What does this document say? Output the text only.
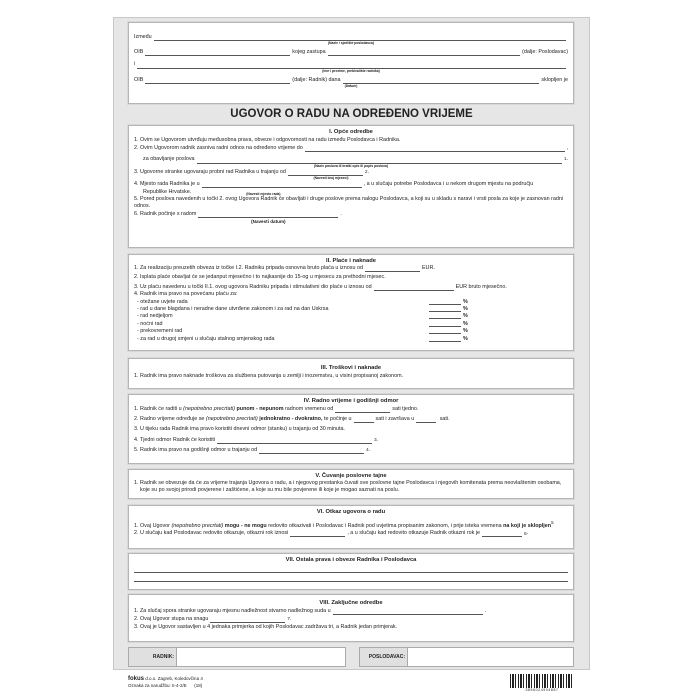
Između
(Naziv i sjedište poslodavca)
OIB	kojeg zastupa	(dalje: Poslodavac)
i
(Ime i prezime, prebivalište radnika)
OIB	(dalje: Radnik) dana	sklopljen je
(Datum)
UGOVOR O RADU NA ODREĐENO VRIJEME
I. Opće odredbe
1. Ovim se Ugovorom utvrđuju međusobna prava, obveze i odgovornosti na radu između Poslodavca i Radnika.
2. Ovim Ugovorom radnik zasniva radni odnos na određeno vrijeme do	,
za obavljanje poslova	$^1$ .
(Naziv poslova ili kratki opis ili popis poslova)
3. Ugovorne stranke ugovaraju probni rad Radnika u trajanju od	$^2$ .
(Navesti broj mjeseci)
4. Mjesto rada Radnika je u	, a u slučaju potrebe Poslodavca i u nekom drugom mjestu na području
Republike Hrvatske.	(Navesti mjesto rada)
5. Pored poslova navedenih u točki 2. ovog Ugovora Radnik će obavljati i druge poslove prema nalogu Poslodavca, a koji su u skladu s naravi i vrsti posla za koje je zasnovan radni odnos.
6. Radnik počinje s radom
(Navesti datum)
.
II. Plaće i naknade
1. Za realizaciju preuzetih obveza iz točke I.2. Radniku pripada osnovna bruto plaća u iznosu od	EUR.
2. Isplata plaće obavljat će se jedanput mjesečno i to najkasnije do 15-og u mjesecu za prethodni mjesec.
3. Uz plaću navedenu u točki II.1. ovog ugovora Radniku pripada i stimulativni dio plaće u iznosu od	EUR bruto mjesečno.
4. Radnik ima pravo na povećanu plaću za:
- otežane uvjete rada	%
- rad u dane blagdana i neradne dane utvrđene zakonom i za rad na dan Uskrsa	%
- rad nedjeljom	%
- noćni rad	%
- prekovremeni rad	%
- za rad u drugoj smjeni u slučaju stalnog smjenskog rada	%
III. Troškovi i naknade
1. Radnik ima pravo naknade troškova za službena putovanja u zemlji i inozemstvu, u visini propisanoj zakonom.
IV. Radno vrijeme i godišnji odmor
1. Radnik će raditi u
(nepotrebno precrtati)
punom - nepunom
radnom vremenu od	sati tjedno.
2. Radno vrijeme određuje se
(nepotrebno precrtati)
jednokratno - dvokratno,
te počinje u	sati i završava u
	sati.
3. U tijeku rada Radnik ima pravo koristiti dnevni odmor (stanku) u trajanju od 30 minuta.
4. Tjedni odmor Radnik će koristiti	$^3$ .
5. Radnik ima pravo na godišnji odmor u trajanju od	$^4$ .
V. Čuvanje poslovne tajne
1. Radnik se obvezuje da će za vrijeme trajanja Ugovora o radu, a i njegovog prestanka čuvati sve poslovne tajne Poslodavca i njegovih komitenata prema neovlaštenim osobama, koje su po svojoj prirodi povjerene i zaštićene, a koje su mu bile povjerene ili koje je mogao saznati na poslu.
VI. Otkaz ugovora o radu
1. Ovaj Ugovor (nepotrebno precrtati) mogu - ne mogu redovito otkazivati i Poslodavac i Radnik pod uvjetima propisanim zakonom, i prije isteka vremena na koji je sklopljen$^5$
2. U slučaju kad Poslodavac redovito otkazuje, otkazni rok iznosi	, a u slučaju kad redovito otkazuje Radnik otkazni rok je	6 .
VII. Ostala prava i obveze Radnika i Poslodavca
VIII. Zaključne odredbe
1. Za slučaj spora stranke ugovaraju mjesnu nadležnost stvarno nadležnog suda u	.
2. Ovaj Ugovor stupa na snagu	$^7$ .
3. Ovaj je Ugovor sastavljen u 4 jednaka primjerka od kojih Poslodavac zadržava tri, a Radnik jedan primjerak.
RADNIK:	POSLODAVAC:
fokus d.o.o. Zagreb, Koledovčina 4
Oznaka za narudžbu: II-4-2/E (18)
3856024904887
